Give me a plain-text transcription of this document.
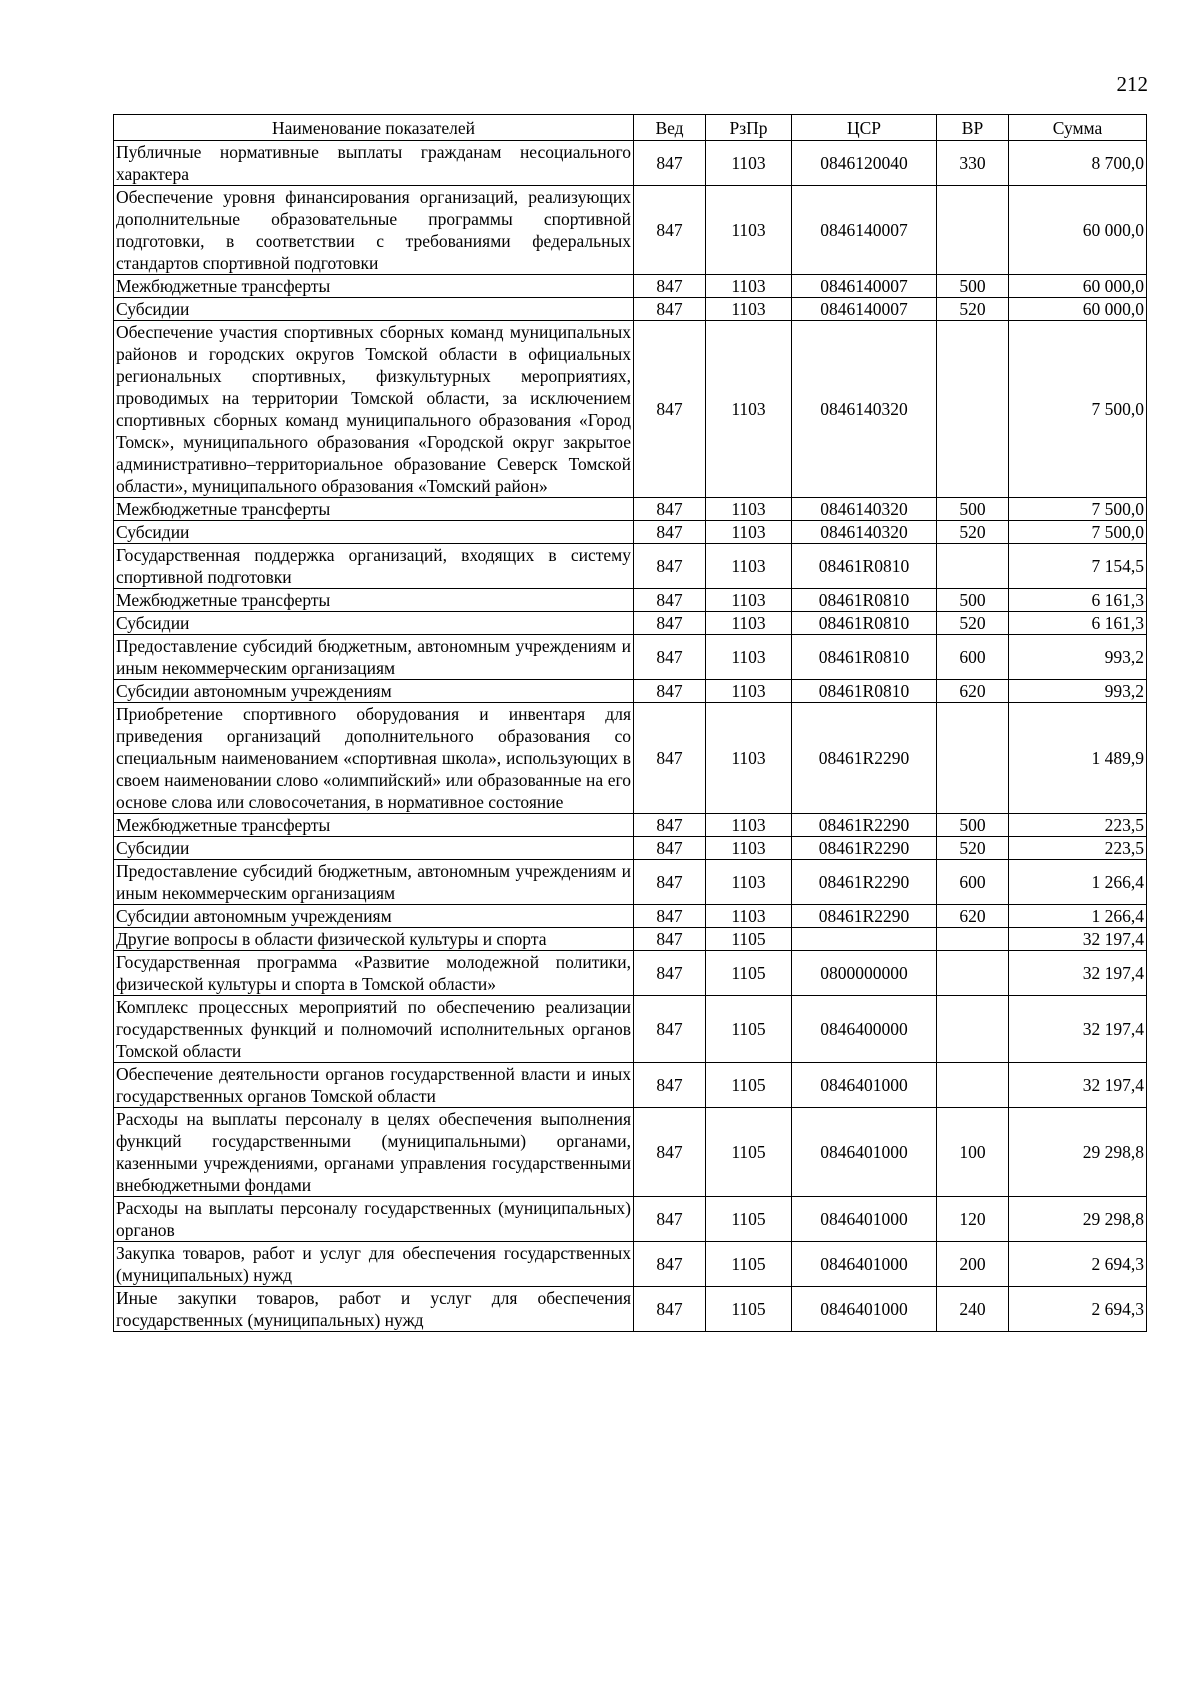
212
Наименование показателей	Вед	РзПр	ЦСР	ВР	Сумма
Публичные нормативные выплаты гражданам несоциального характера	847	1103	0846120040	330	8 700,0
Обеспечение уровня финансирования организаций, реализующих дополнительные образовательные программы спортивной подготовки, в соответствии с требованиями федеральных стандартов спортивной подготовки	847	1103	0846140007		60 000,0
Межбюджетные трансферты	847	1103	0846140007	500	60 000,0
Субсидии	847	1103	0846140007	520	60 000,0
Обеспечение участия спортивных сборных команд муниципальных районов и городских округов Томской области в официальных региональных спортивных, физкультурных мероприятиях, проводимых на территории Томской области, за исключением спортивных сборных команд муниципального образования «Город Томск», муниципального образования «Городской округ закрытое административно–территориальное образование Северск Томской области», муниципального образования «Томский район»	847	1103	0846140320		7 500,0
Межбюджетные трансферты	847	1103	0846140320	500	7 500,0
Субсидии	847	1103	0846140320	520	7 500,0
Государственная поддержка организаций, входящих в систему спортивной подготовки	847	1103	08461R0810		7 154,5
Межбюджетные трансферты	847	1103	08461R0810	500	6 161,3
Субсидии	847	1103	08461R0810	520	6 161,3
Предоставление субсидий бюджетным, автономным учреждениям и иным некоммерческим организациям	847	1103	08461R0810	600	993,2
Субсидии автономным учреждениям	847	1103	08461R0810	620	993,2
Приобретение спортивного оборудования и инвентаря для приведения организаций дополнительного образования со специальным наименованием «спортивная школа», использующих в своем наименовании слово «олимпийский» или образованные на его основе слова или словосочетания, в нормативное состояние	847	1103	08461R2290		1 489,9
Межбюджетные трансферты	847	1103	08461R2290	500	223,5
Субсидии	847	1103	08461R2290	520	223,5
Предоставление субсидий бюджетным, автономным учреждениям и иным некоммерческим организациям	847	1103	08461R2290	600	1 266,4
Субсидии автономным учреждениям	847	1103	08461R2290	620	1 266,4
Другие вопросы в области физической культуры и спорта	847	1105			32 197,4
Государственная программа «Развитие молодежной политики, физической культуры и спорта в Томской области»	847	1105	0800000000		32 197,4
Комплекс процессных мероприятий по обеспечению реализации государственных функций и полномочий исполнительных органов Томской области	847	1105	0846400000		32 197,4
Обеспечение деятельности органов государственной власти и иных государственных органов Томской области	847	1105	0846401000		32 197,4
Расходы на выплаты персоналу в целях обеспечения выполнения функций государственными (муниципальными) органами, казенными учреждениями, органами управления государственными внебюджетными фондами	847	1105	0846401000	100	29 298,8
Расходы на выплаты персоналу государственных (муниципальных) органов	847	1105	0846401000	120	29 298,8
Закупка товаров, работ и услуг для обеспечения государственных (муниципальных) нужд	847	1105	0846401000	200	2 694,3
Иные закупки товаров, работ и услуг для обеспечения государственных (муниципальных) нужд	847	1105	0846401000	240	2 694,3
